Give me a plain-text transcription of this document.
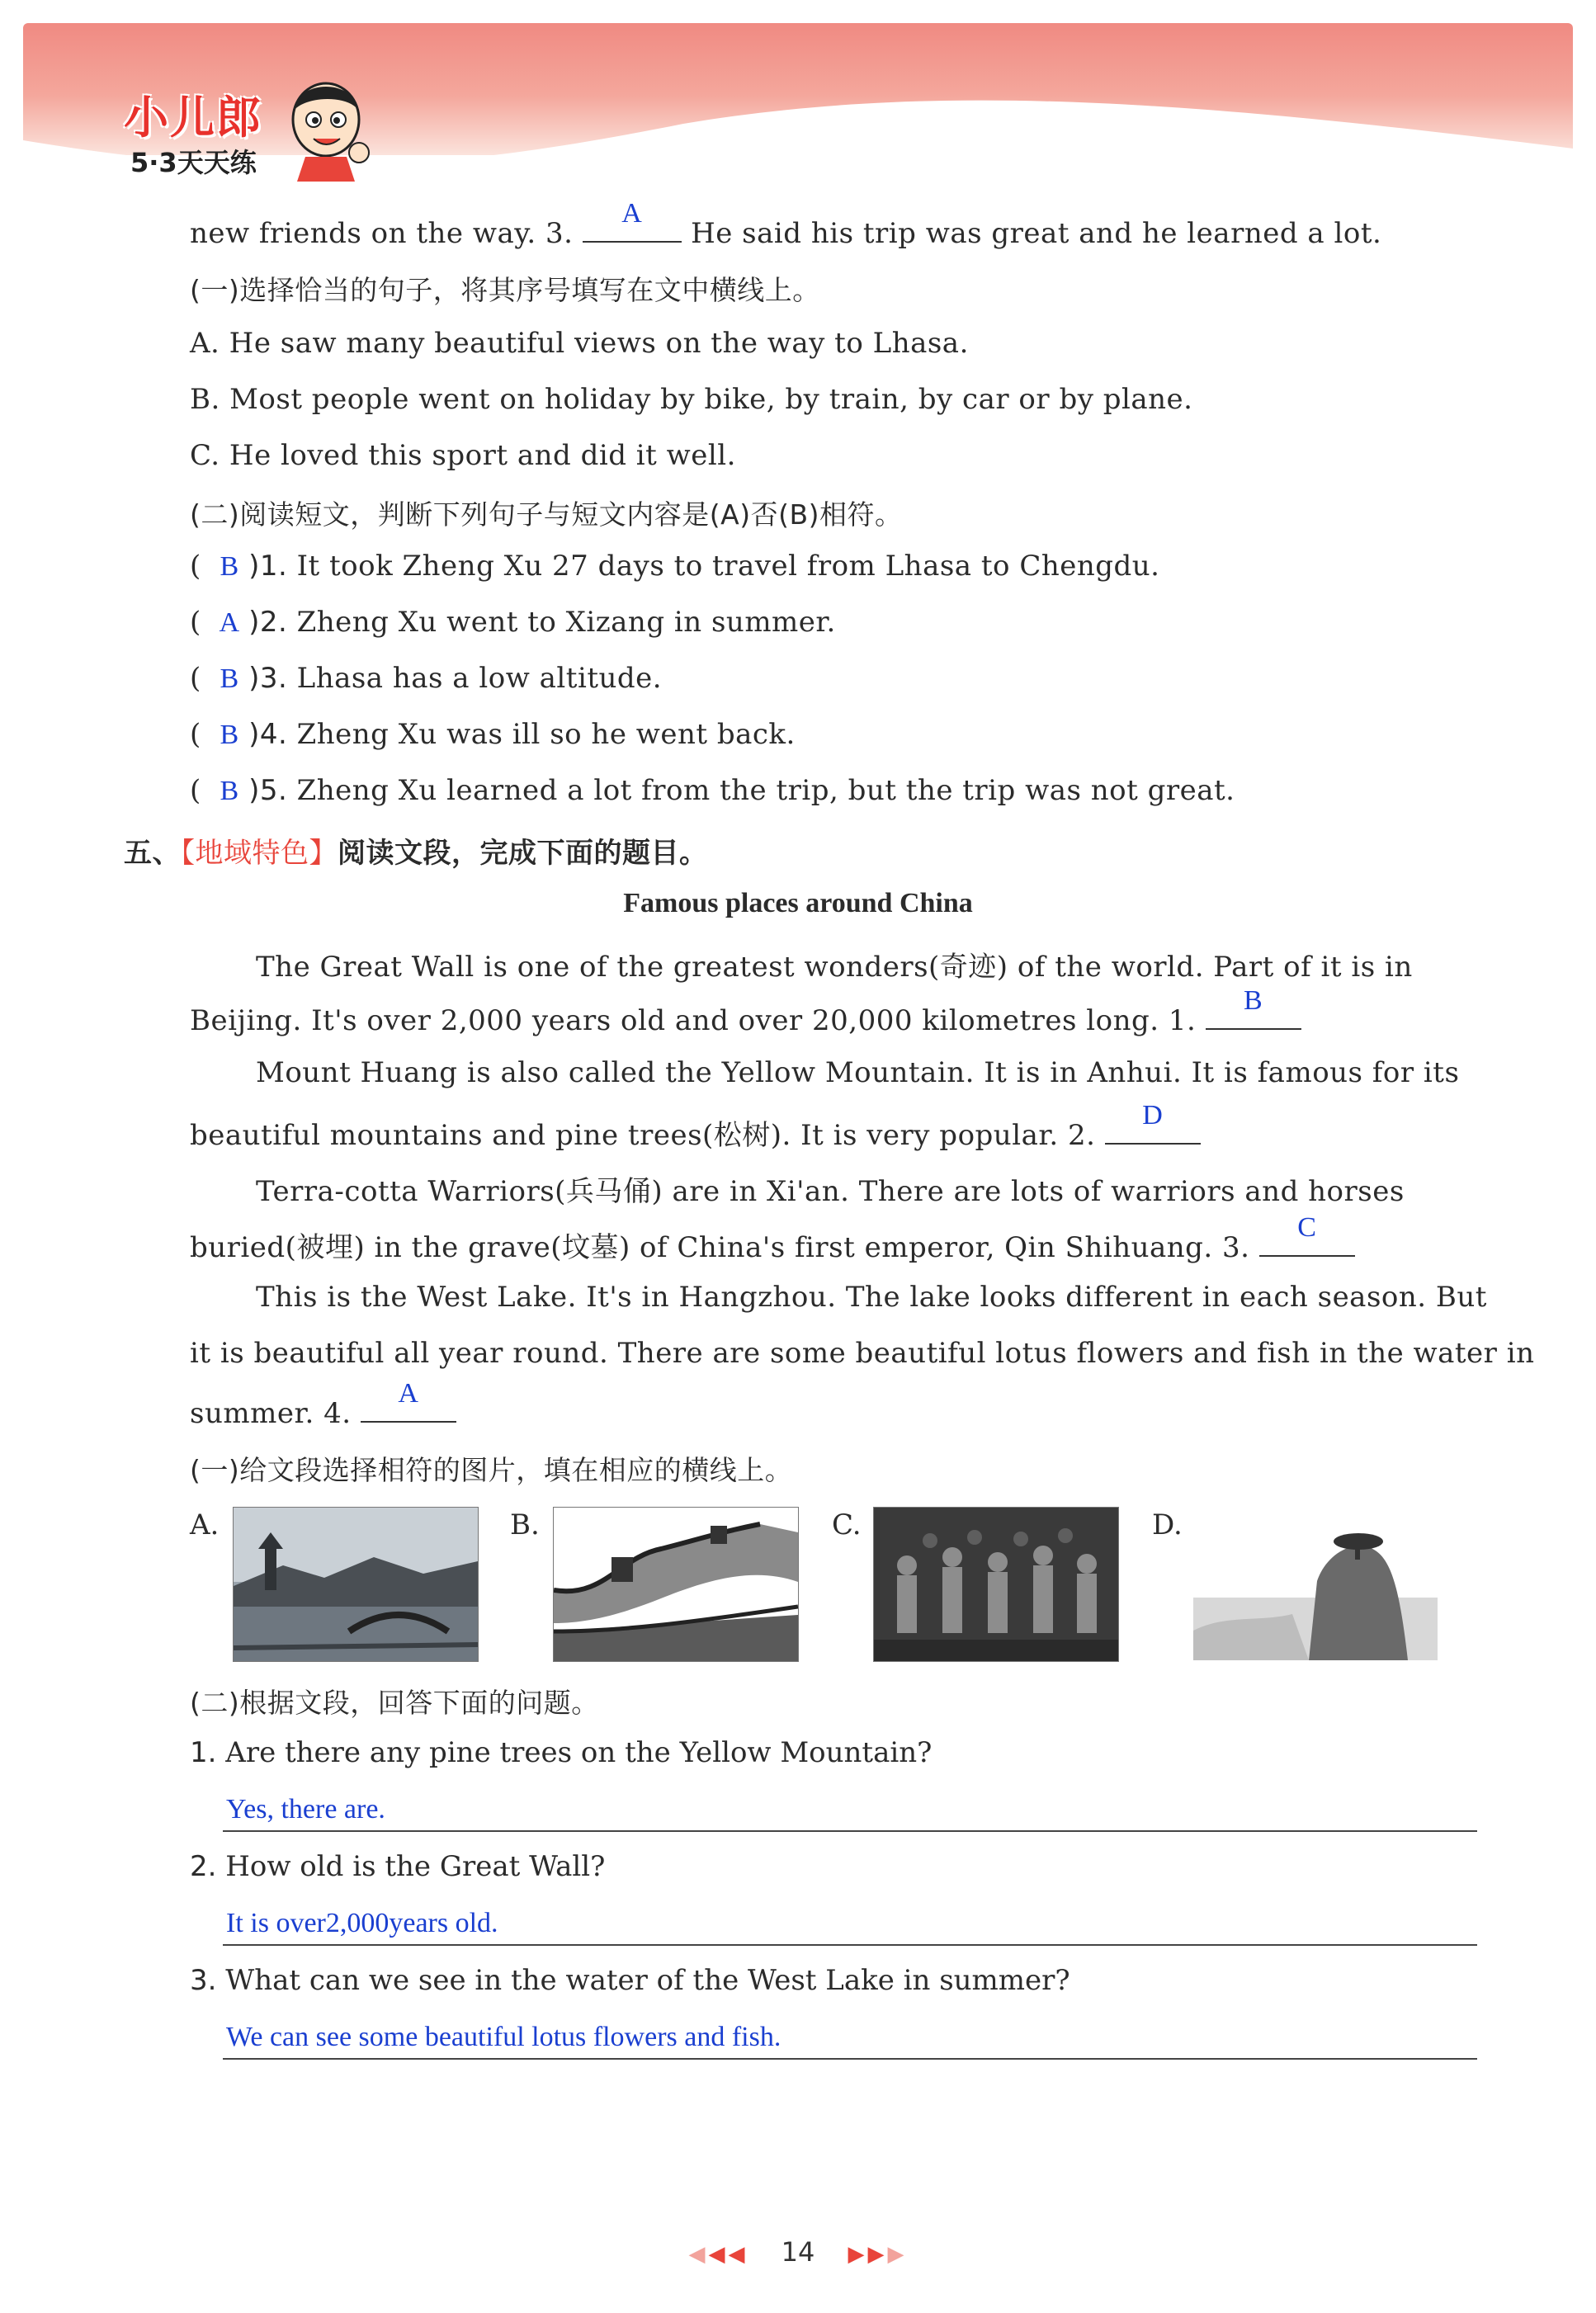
小儿郎
5·3天天练
new friends on the way. 3.
A
He said his trip was great and he learned a lot.
(一)选择恰当的句子，将其序号填写在文中横线上。
A. He saw many beautiful views on the way to Lhasa.
B. Most people went on holiday by bike, by train, by car or by plane.
C. He loved this sport and did it well.
(二)阅读短文，判断下列句子与短文内容是(A)否(B)相符。
( B )1. It took Zheng Xu 27 days to travel from Lhasa to Chengdu.
( A )2. Zheng Xu went to Xizang in summer.
( B )3. Lhasa has a low altitude.
( B )4. Zheng Xu was ill so he went back.
( B )5. Zheng Xu learned a lot from the trip, but the trip was not great.
五、【地域特色】阅读文段，完成下面的题目。
Famous places around China
The Great Wall is one of the greatest wonders(奇迹) of the world. Part of it is in
Beijing. It's over 2,000 years old and over 20,000 kilometres long. 1.
B
Mount Huang is also called the Yellow Mountain. It is in Anhui. It is famous for its
beautiful mountains and pine trees(松树). It is very popular. 2.
D
Terra-cotta Warriors(兵马俑) are in Xi'an. There are lots of warriors and horses
buried(被埋) in the grave(坟墓) of China's first emperor, Qin Shihuang. 3.
C
This is the West Lake. It's in Hangzhou. The lake looks different in each season. But
it is beautiful all year round. There are some beautiful lotus flowers and fish in the water in
summer. 4.
A
(一)给文段选择相符的图片，填在相应的横线上。
A.	B.	C.	D.
(二)根据文段，回答下面的问题。
1. Are there any pine trees on the Yellow Mountain?
Yes, there are.
2. How old is the Great Wall?
It is over2,000years old.
3. What can we see in the water of the West Lake in summer?
We can see some beautiful lotus flowers and fish.
◀◀◀ 14 ▶▶▶
